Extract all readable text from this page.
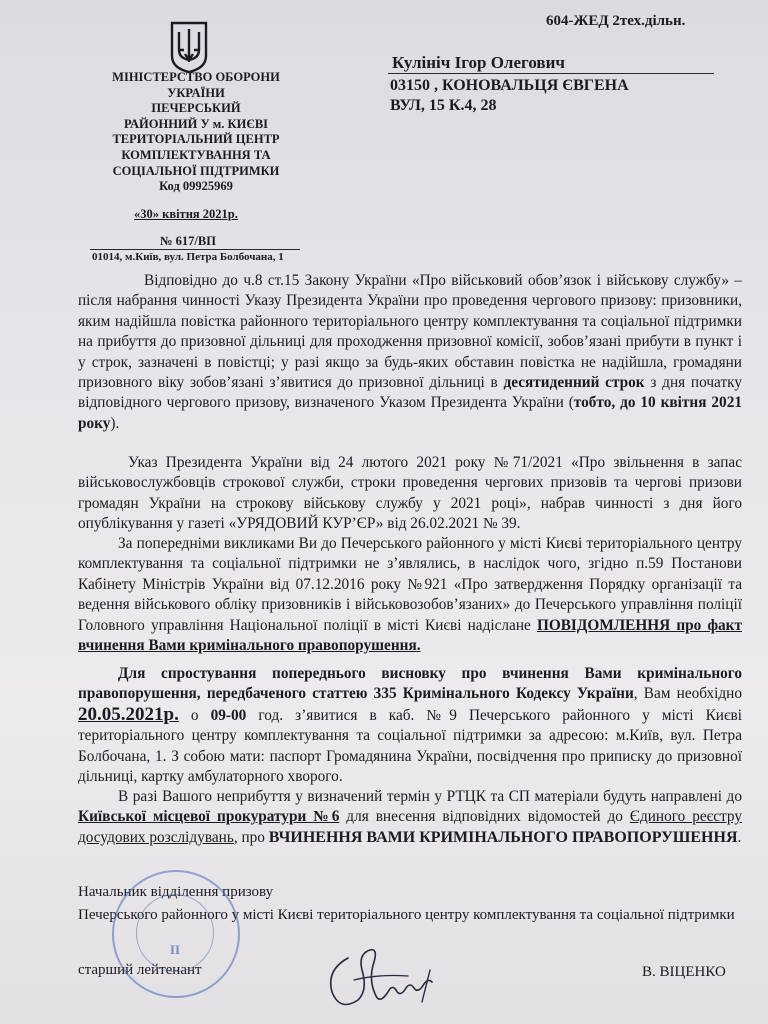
604-ЖЕД 2тех.дільн.
МІНІСТЕРСТВО ОБОРОНИ
УКРАЇНИ
ПЕЧЕРСЬКИЙ
РАЙОННИЙ У м. КИЄВІ
ТЕРИТОРІАЛЬНИЙ ЦЕНТР
КОМПЛЕКТУВАННЯ ТА
СОЦІАЛЬНОЇ ПІДТРИМКИ
Код 09925969
«30» квітня 2021р.
№ 617/ВП
01014, м.Київ, вул. Петра Болбочана, 1
Кулініч Ігор Олегович
03150 , КОНОВАЛЬЦЯ ЄВГЕНА
ВУЛ, 15 К.4, 28
Відповідно до ч.8 ст.15 Закону України «Про військовий обов’язок і військову службу» – після набрання чинності Указу Президента України про проведення чергового призову: призовники, яким надійшла повістка районного територіального центру комплектування та соціальної підтримки на прибуття до призовної дільниці для проходження призовної комісії, зобов’язані прибути в пункт і у строк, зазначені в повістці; у разі якщо за будь-яких обставин повістка не надійшла, громадяни призовного віку зобов’язані з’явитися до призовної дільниці в десятиденний строк з дня початку відповідного чергового призову, визначеного Указом Президента України (тобто, до 10 квітня 2021 року).
Указ Президента України від 24 лютого 2021 року №71/2021 «Про звільнення в запас військовослужбовців строкової служби, строки проведення чергових призовів та чергові призови громадян України на строкову військову службу у 2021 році», набрав чинності з дня його опублікування у газеті «УРЯДОВИЙ КУР’ЄР» від 26.02.2021 № 39.
За попередніми викликами Ви до Печерського районного у місті Києві територіального центру комплектування та соціальної підтримки не з’являлись, в наслідок чого, згідно п.59 Постанови Кабінету Міністрів України від 07.12.2016 року №921 «Про затвердження Порядку організації та ведення військового обліку призовників і військовозобов’язаних» до Печерського управління поліції Головного управління Національної поліції в місті Києві надіслане ПОВІДОМЛЕННЯ про факт вчинення Вами кримінального правопорушення.
Для спростування попереднього висновку про вчинення Вами кримінального правопорушення, передбаченого статтею 335 Кримінального Кодексу України, Вам необхідно 20.05.2021р. о 09-00 год. з’явитися в каб. №9 Печерського районного у місті Києві територіального центру комплектування та соціальної підтримки за адресою: м.Київ, вул. Петра Болбочана, 1. З собою мати: паспорт Громадянина України, посвідчення про приписку до призовної дільниці, картку амбулаторного хворого.
В разі Вашого неприбуття у визначений термін у РТЦК та СП матеріали будуть направлені до Київської місцевої прокуратури №6 для внесення відповідних відомостей до Єдиного реєстру досудових розслідувань, про ВЧИНЕННЯ ВАМИ КРИМІНАЛЬНОГО ПРАВОПОРУШЕННЯ.
Начальник відділення призову
Печерського районного у місті Києві територіального центру комплектування та соціальної підтримки
старший лейтенант	В. ВІЦЕНКО
II
